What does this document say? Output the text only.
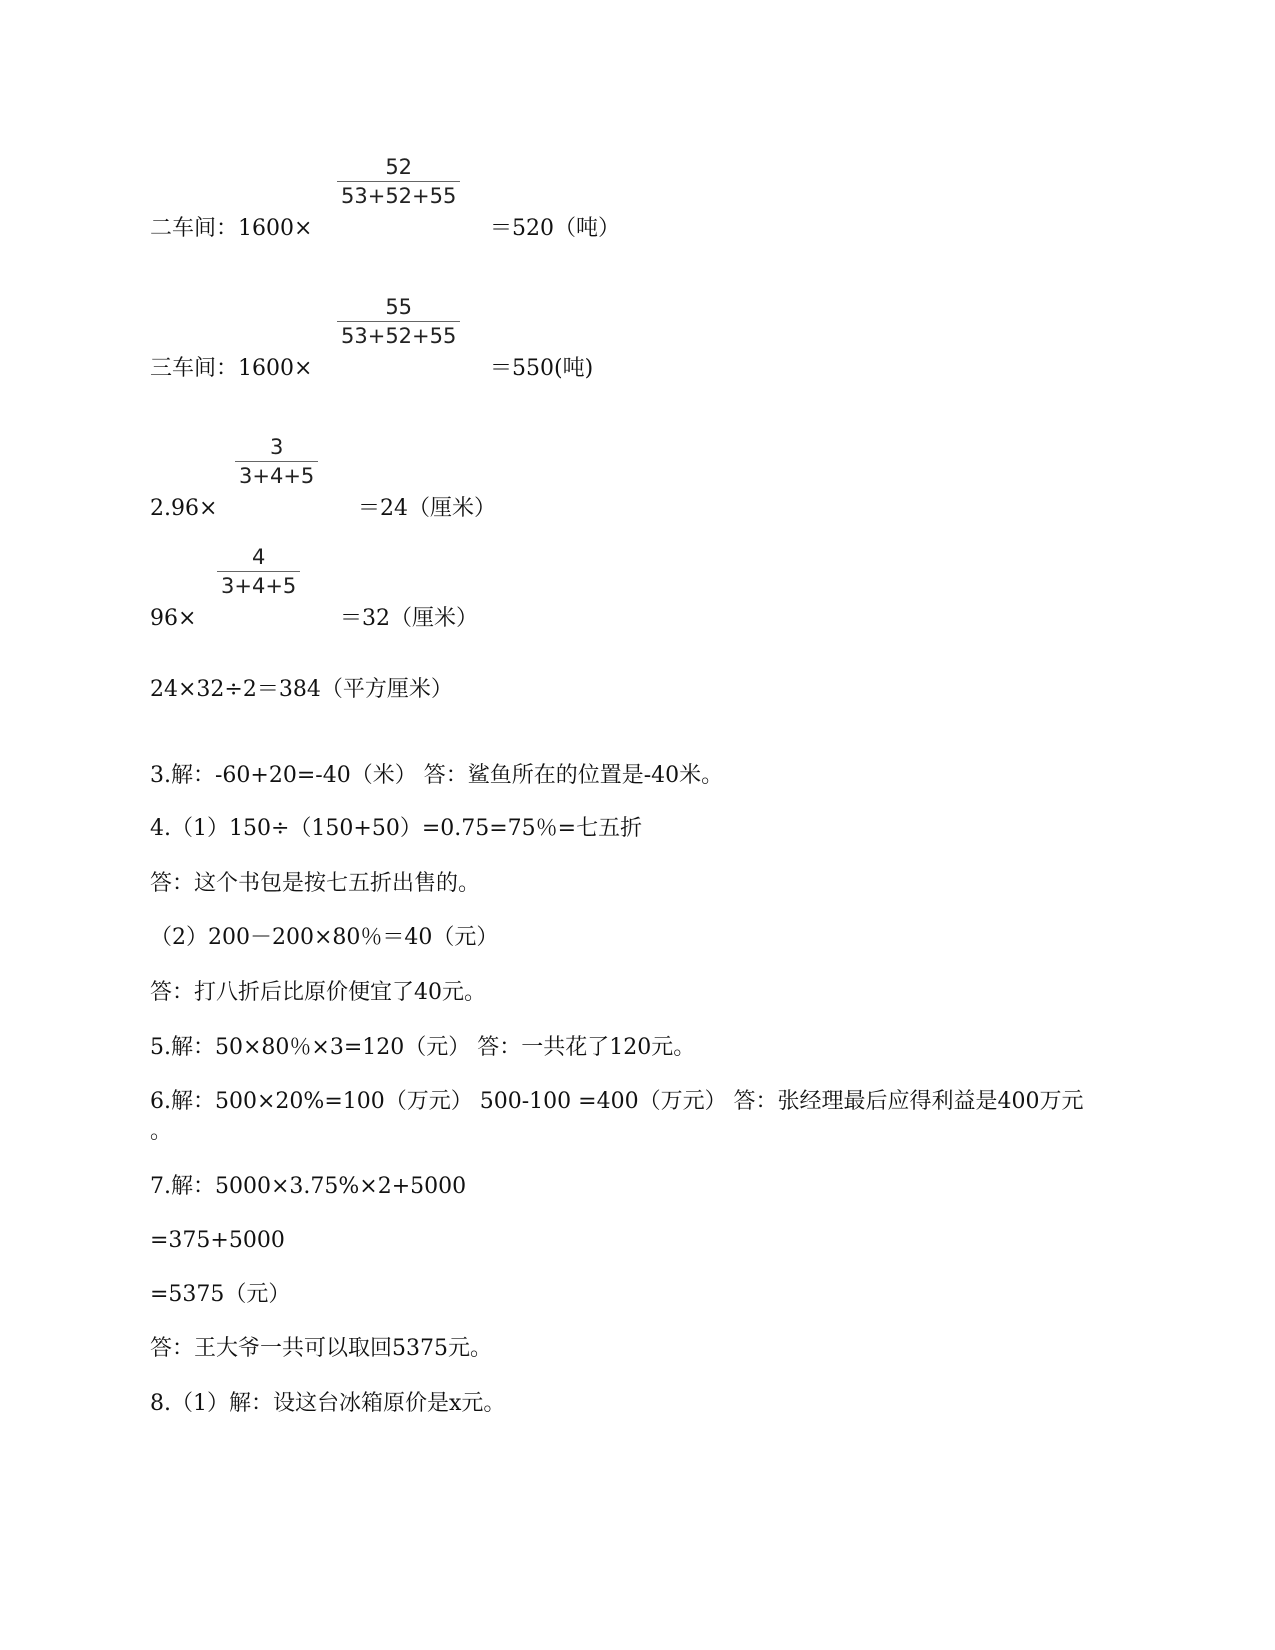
二车间：1600×
52
53+52+55
＝520（吨）
三车间：1600×
55
53+52+55
＝550(吨)
2.96×
3
3+4+5
＝24（厘米）
96×
4
3+4+5
＝32（厘米）
24×32÷2＝384（平方厘米）
3.解：-60+20=-40（米） 答：鲨鱼所在的位置是-40米。
4.（1）150÷（150+50）=0.75=75％=七五折
答：这个书包是按七五折出售的。
（2）200－200×80％＝40（元）
答：打八折后比原价便宜了40元。
5.解：50×80％×3=120（元） 答：一共花了120元。
6.解：500×20%=100（万元） 500-100 =400（万元） 答：张经理最后应得利益是400万元
。
7.解：5000×3.75%×2+5000
=375+5000
=5375（元）
答：王大爷一共可以取回5375元。
8.（1）解：设这台冰箱原价是x元。
